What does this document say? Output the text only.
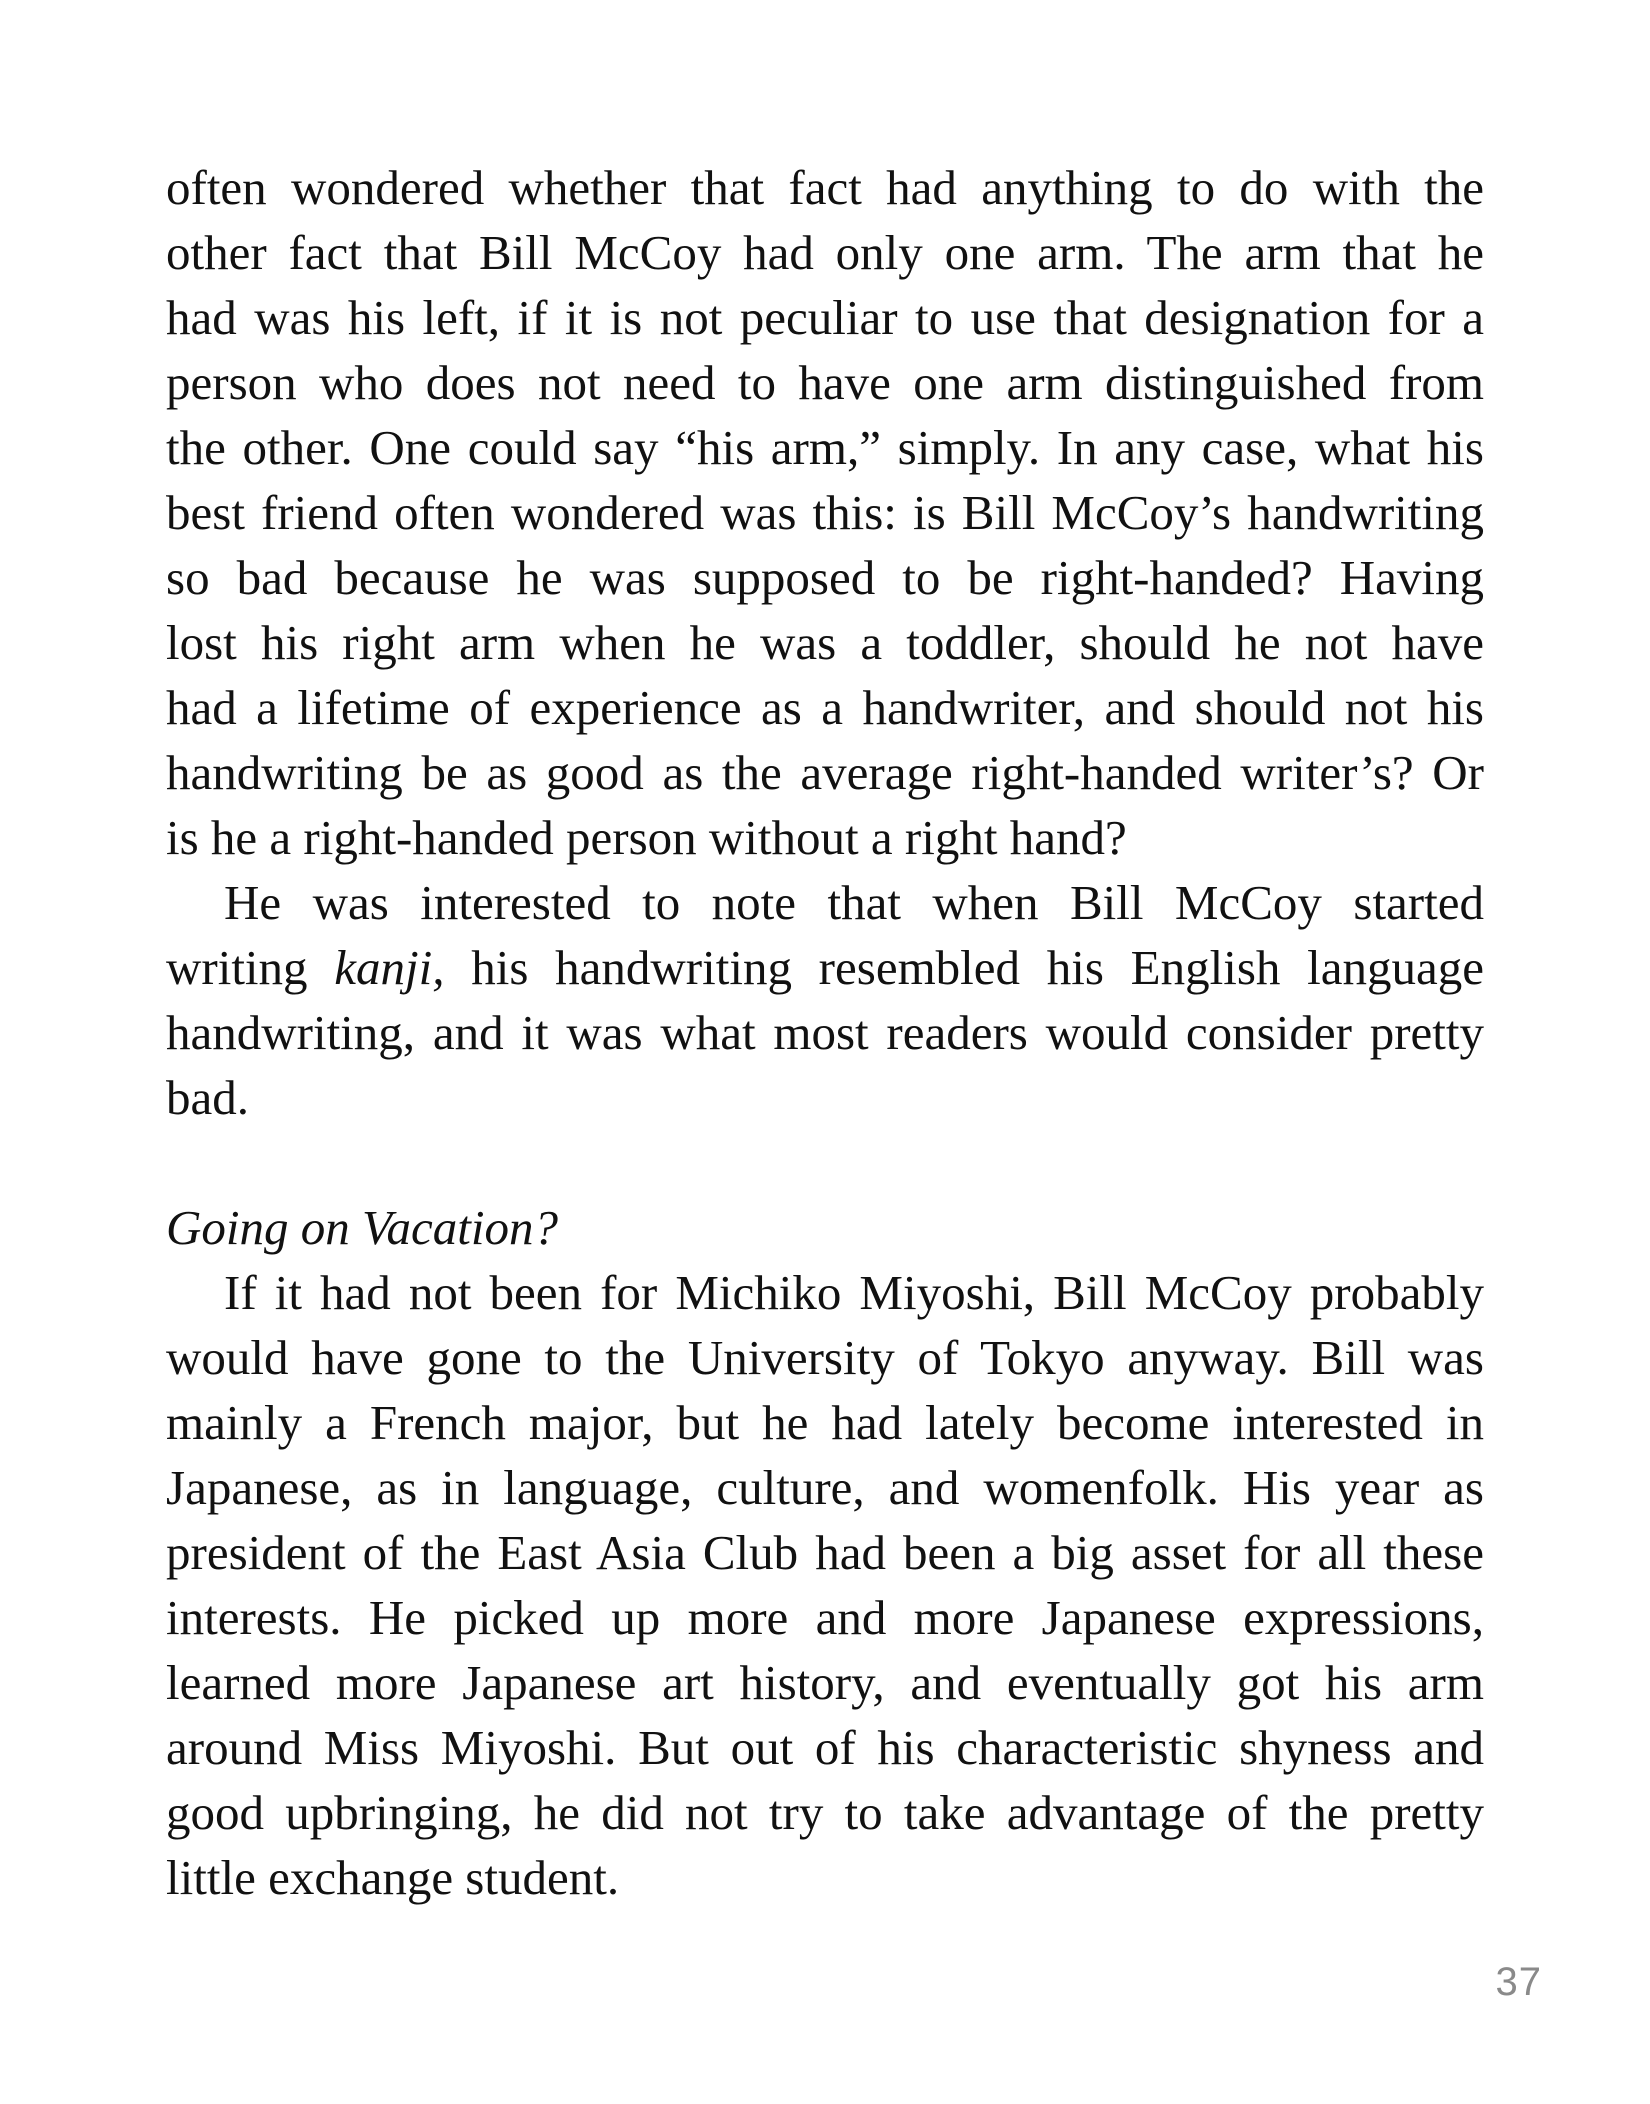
often wondered whether that fact had anything to do with the
other fact that Bill McCoy had only one arm. The arm that he
had was his left, if it is not peculiar to use that designation for a
person who does not need to have one arm distinguished from
the other. One could say “his arm,” simply. In any case, what his
best friend often wondered was this: is Bill McCoy’s handwriting
so bad because he was supposed to be right-handed? Having
lost his right arm when he was a toddler, should he not have
had a lifetime of experience as a handwriter, and should not his
handwriting be as good as the average right-handed writer’s? Or
is he a right-handed person without a right hand?
He was interested to note that when Bill McCoy started
writing kanji, his handwriting resembled his English language
handwriting, and it was what most readers would consider pretty
bad.
Going on Vacation?
If it had not been for Michiko Miyoshi, Bill McCoy probably
would have gone to the University of Tokyo anyway. Bill was
mainly a French major, but he had lately become interested in
Japanese, as in language, culture, and womenfolk. His year as
president of the East Asia Club had been a big asset for all these
interests. He picked up more and more Japanese expressions,
learned more Japanese art history, and eventually got his arm
around Miss Miyoshi. But out of his characteristic shyness and
good upbringing, he did not try to take advantage of the pretty
little exchange student.
37
